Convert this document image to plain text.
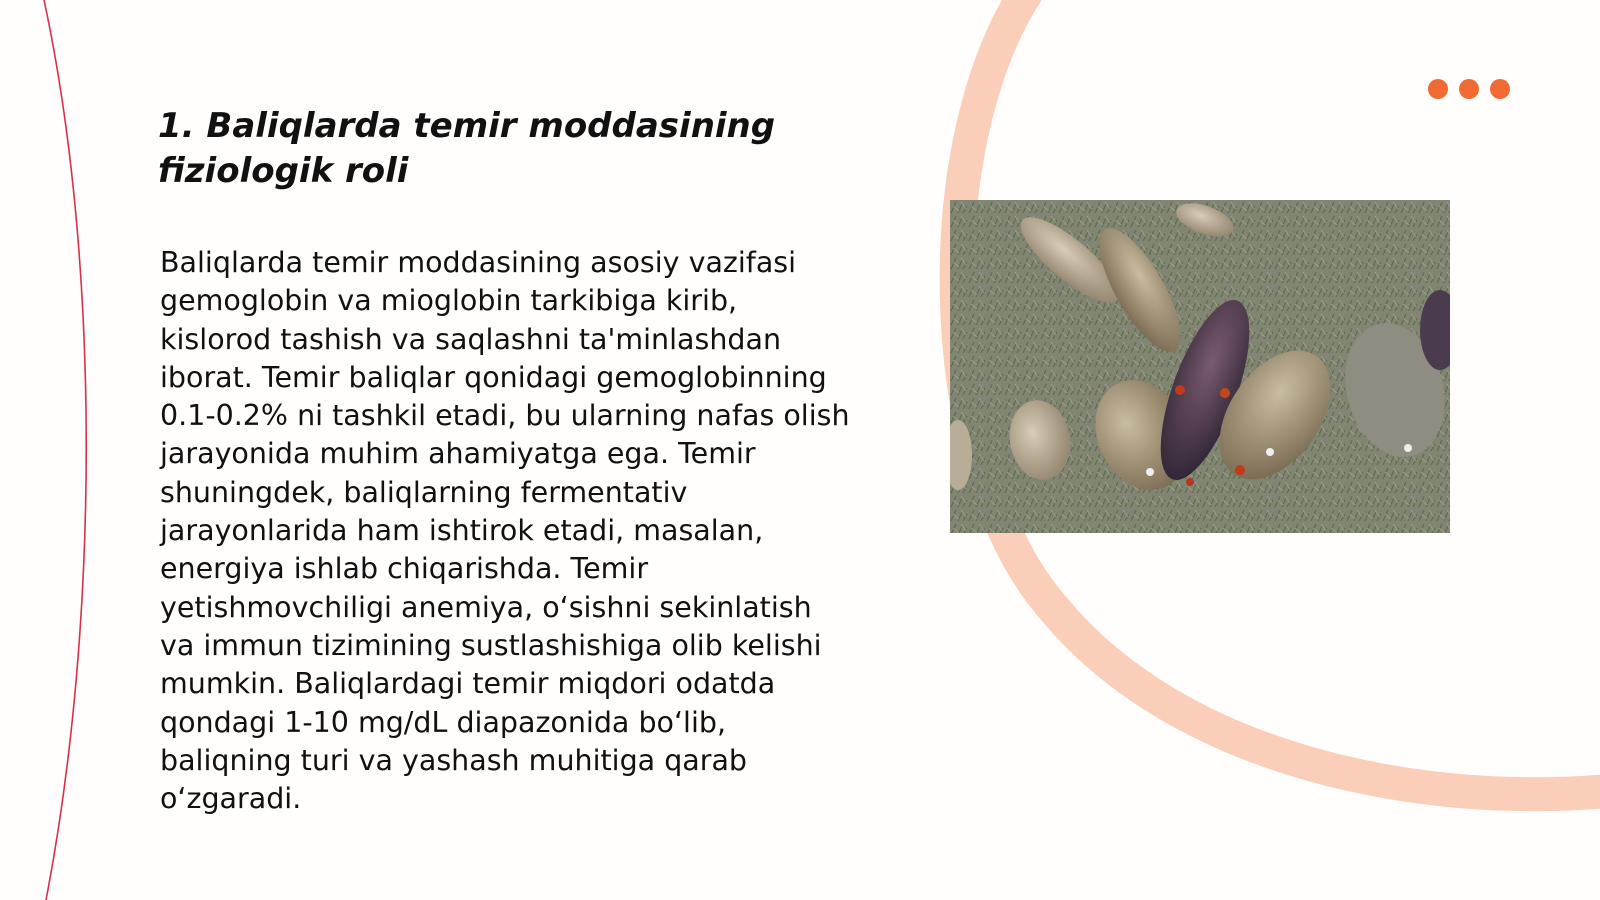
1. Baliqlarda temir moddasining
fiziologik roli

Baliqlarda temir moddasining asosiy vazifasi gemoglobin va mioglobin tarkibiga kirib, kislorod tashish va saqlashni ta'minlashdan iborat. Temir baliqlar qonidagi gemoglobinning 0.1-0.2% ni tashkil etadi, bu ularning nafas olish jarayonida muhim ahamiyatga ega. Temir shuningdek, baliqlarning fermentativ jarayonlarida ham ishtirok etadi, masalan, energiya ishlab chiqarishda. Temir yetishmovchiligi anemiya, o‘sishni sekinlatish va immun tizimining sustlashishiga olib kelishi mumkin. Baliqlardagi temir miqdori odatda qondagi 1-10 mg/dL diapazonida bo‘lib, baliqning turi va yashash muhitiga qarab o‘zgaradi.
